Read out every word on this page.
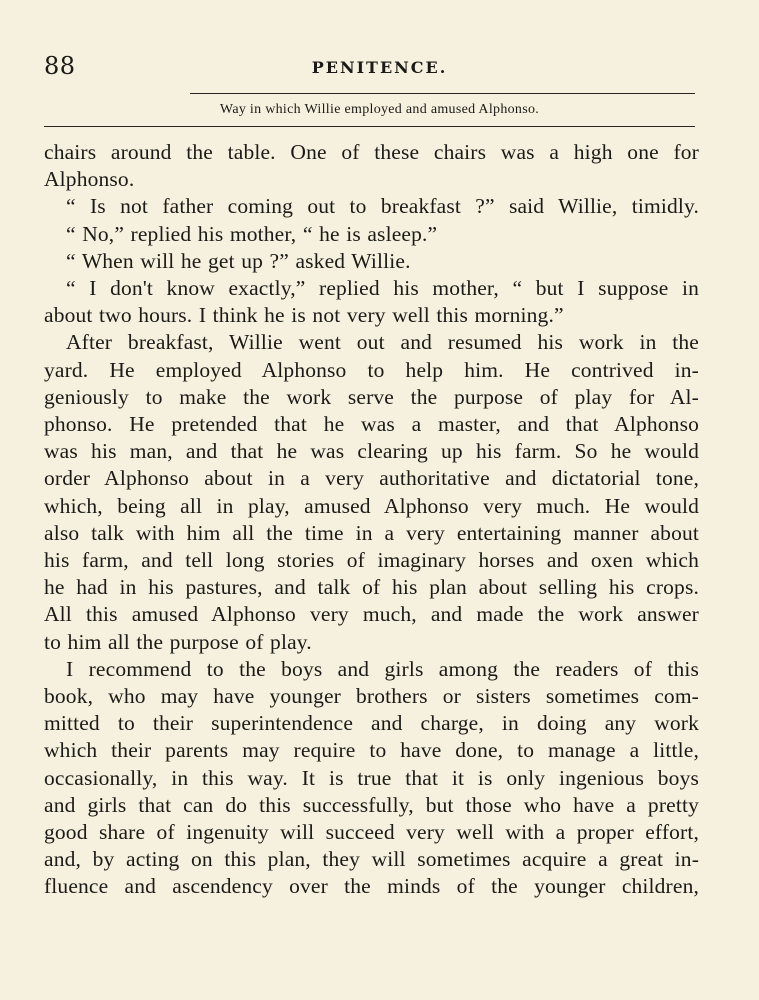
88	PENITENCE.
Way in which Willie employed and amused Alphonso.
chairs around the table. One of these chairs was a high one for
Alphonso.
“ Is not father coming out to breakfast ?” said Willie, timidly.
“ No,” replied his mother, “ he is asleep.”
“ When will he get up ?” asked Willie.
“ I don't know exactly,” replied his mother, “ but I suppose in
about two hours. I think he is not very well this morning.”
After breakfast, Willie went out and resumed his work in the
yard. He employed Alphonso to help him. He contrived in-
geniously to make the work serve the purpose of play for Al-
phonso. He pretended that he was a master, and that Alphonso
was his man, and that he was clearing up his farm. So he would
order Alphonso about in a very authoritative and dictatorial tone,
which, being all in play, amused Alphonso very much. He would
also talk with him all the time in a very entertaining manner about
his farm, and tell long stories of imaginary horses and oxen which
he had in his pastures, and talk of his plan about selling his crops.
All this amused Alphonso very much, and made the work answer
to him all the purpose of play.
I recommend to the boys and girls among the readers of this
book, who may have younger brothers or sisters sometimes com-
mitted to their superintendence and charge, in doing any work
which their parents may require to have done, to manage a little,
occasionally, in this way. It is true that it is only ingenious boys
and girls that can do this successfully, but those who have a pretty
good share of ingenuity will succeed very well with a proper effort,
and, by acting on this plan, they will sometimes acquire a great in-
fluence and ascendency over the minds of the younger children,
